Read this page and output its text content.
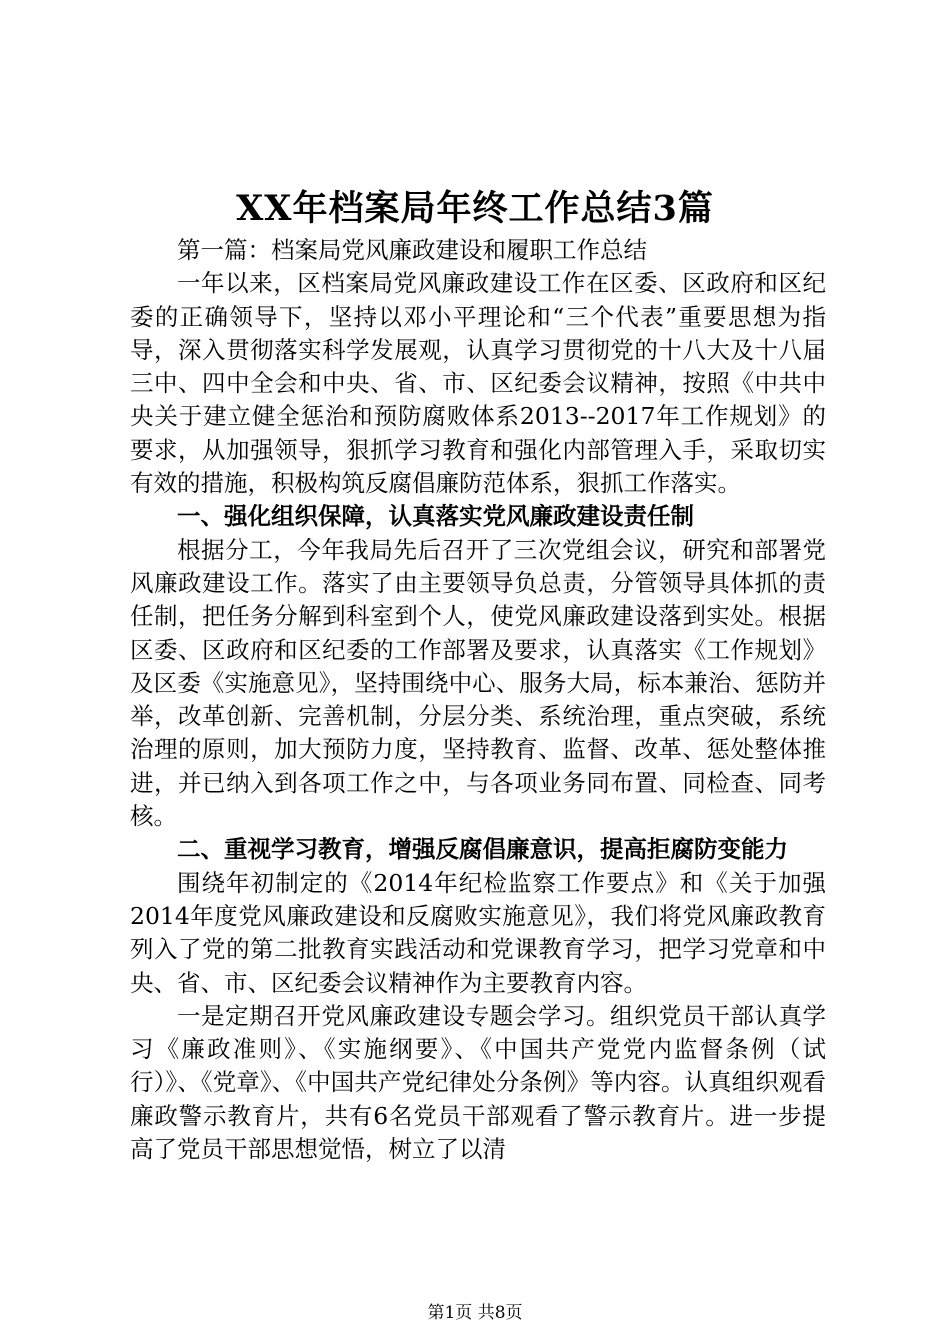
XX年档案局年终工作总结3篇

第一篇：档案局党风廉政建设和履职工作总结

一年以来，区档案局党风廉政建设工作在区委、区政府和区纪委的正确领导下，坚持以邓小平理论和“三个代表”重要思想为指导，深入贯彻落实科学发展观，认真学习贯彻党的十八大及十八届三中、四中全会和中央、省、市、区纪委会议精神，按照《中共中央关于建立健全惩治和预防腐败体系2013--2017年工作规划》的要求，从加强领导，狠抓学习教育和强化内部管理入手，采取切实有效的措施，积极构筑反腐倡廉防范体系，狠抓工作落实。

一、强化组织保障，认真落实党风廉政建设责任制

根据分工，今年我局先后召开了三次党组会议，研究和部署党风廉政建设工作。落实了由主要领导负总责，分管领导具体抓的责任制，把任务分解到科室到个人，使党风廉政建设落到实处。根据区委、区政府和区纪委的工作部署及要求，认真落实《工作规划》及区委《实施意见》，坚持围绕中心、服务大局，标本兼治、惩防并举，改革创新、完善机制，分层分类、系统治理，重点突破，系统治理的原则，加大预防力度，坚持教育、监督、改革、惩处整体推进，并已纳入到各项工作之中，与各项业务同布置、同检查、同考核。

二、重视学习教育，增强反腐倡廉意识，提高拒腐防变能力

围绕年初制定的《2014年纪检监察工作要点》和《关于加强2014年度党风廉政建设和反腐败实施意见》，我们将党风廉政教育列入了党的第二批教育实践活动和党课教育学习，把学习党章和中央、省、市、区纪委会议精神作为主要教育内容。

一是定期召开党风廉政建设专题会学习。组织党员干部认真学习《廉政准则》、《实施纲要》、《中国共产党党内监督条例（试行）》、《党章》、《中国共产党纪律处分条例》等内容。认真组织观看廉政警示教育片，共有6名党员干部观看了警示教育片。进一步提高了党员干部思想觉悟，树立了以清

第1页 共8页
